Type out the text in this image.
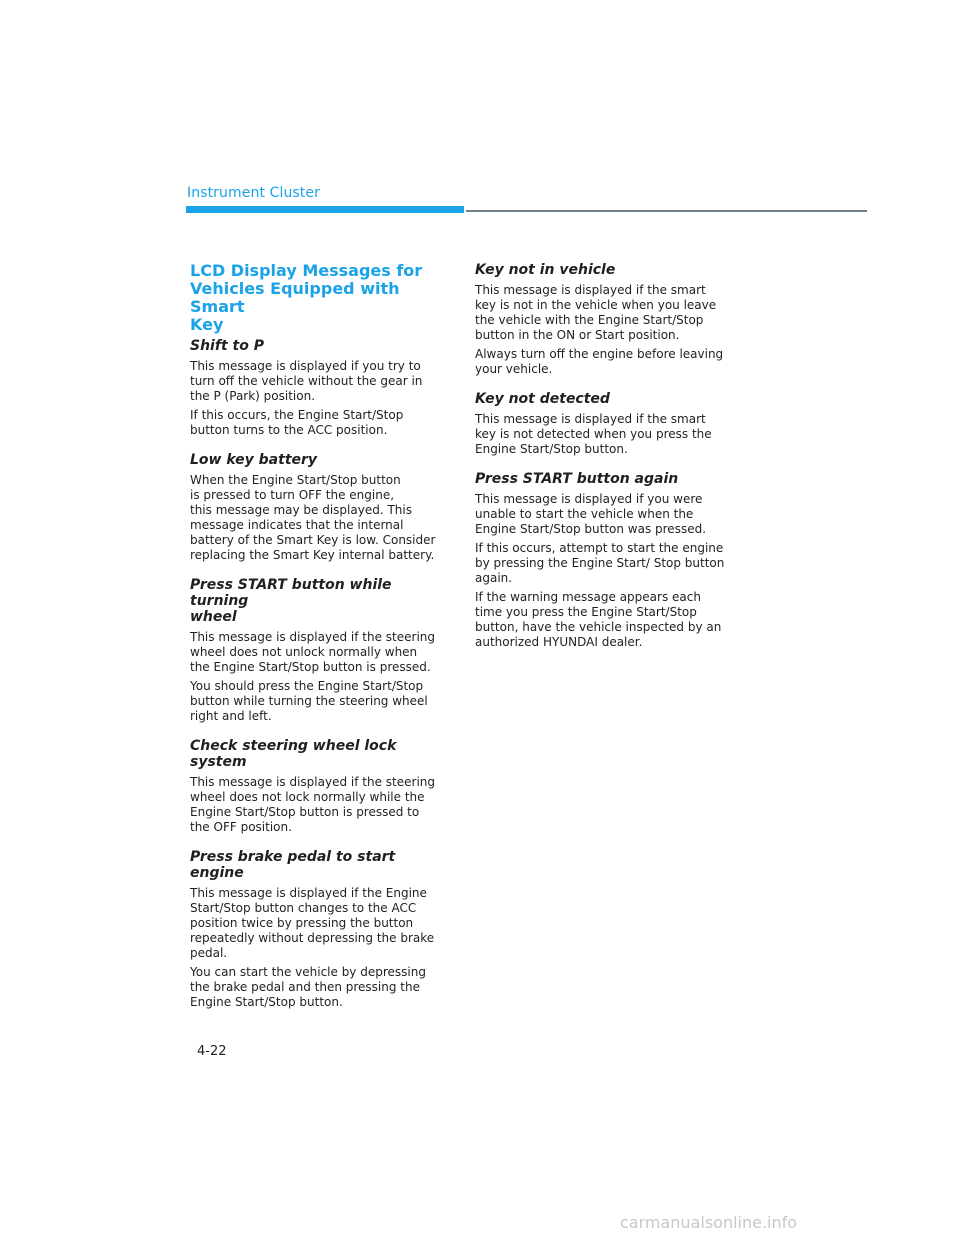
Instrument Cluster
LCD Display Messages for
Vehicles Equipped with Smart
Key
Shift to P

This message is displayed if you try to
turn off the vehicle without the gear in
the P (Park) position.

If this occurs, the Engine Start/Stop
button turns to the ACC position.

Low key battery

When the Engine Start/Stop button
is pressed to turn OFF the engine,
this message may be displayed. This
message indicates that the internal
battery of the Smart Key is low. Consider
replacing the Smart Key internal battery.

Press START button while turning
wheel

This message is displayed if the steering
wheel does not unlock normally when
the Engine Start/Stop button is pressed.

You should press the Engine Start/Stop
button while turning the steering wheel
right and left.

Check steering wheel lock system

This message is displayed if the steering
wheel does not lock normally while the
Engine Start/Stop button is pressed to
the OFF position.

Press brake pedal to start engine

This message is displayed if the Engine
Start/Stop button changes to the ACC
position twice by pressing the button
repeatedly without depressing the brake
pedal.

You can start the vehicle by depressing
the brake pedal and then pressing the
Engine Start/Stop button.

Key not in vehicle

This message is displayed if the smart
key is not in the vehicle when you leave
the vehicle with the Engine Start/Stop
button in the ON or Start position.

Always turn off the engine before leaving
your vehicle.

Key not detected

This message is displayed if the smart
key is not detected when you press the
Engine Start/Stop button.

Press START button again

This message is displayed if you were
unable to start the vehicle when the
Engine Start/Stop button was pressed.

If this occurs, attempt to start the engine
by pressing the Engine Start/ Stop button
again.

If the warning message appears each
time you press the Engine Start/Stop
button, have the vehicle inspected by an
authorized HYUNDAI dealer.

4-22
carmanualsonline.info
